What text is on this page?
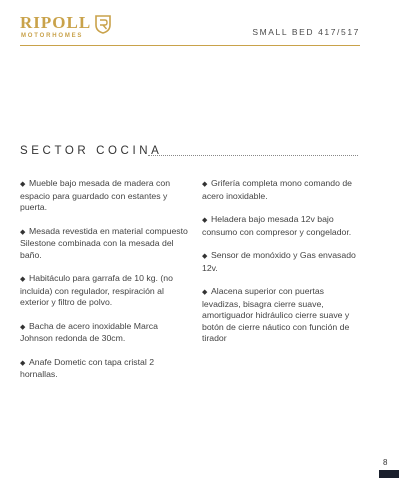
RIPOLL
MOTORHOMES	SMALL BED 417/517
SECTOR COCINA

◆ Mueble bajo mesada de madera con espacio para guardado con estantes y puerta.

◆ Mesada revestida en material compuesto Silestone combinada con la mesada del baño.

◆ Habitáculo para garrafa de 10 kg. (no incluida) con regulador, respiración al exterior y filtro de polvo.

◆ Bacha de acero inoxidable Marca Johnson redonda de 30cm.

◆ Anafe Dometic con tapa cristal 2 hornallas.

◆ Grifería completa mono comando de acero inoxidable.

◆ Heladera bajo mesada 12v bajo consumo con compresor y congelador.

◆ Sensor de monóxido y Gas envasado 12v.

◆ Alacena superior con puertas levadizas, bisagra cierre suave, amortiguador hidráulico cierre suave y botón de cierre náutico con función de tirador

8
